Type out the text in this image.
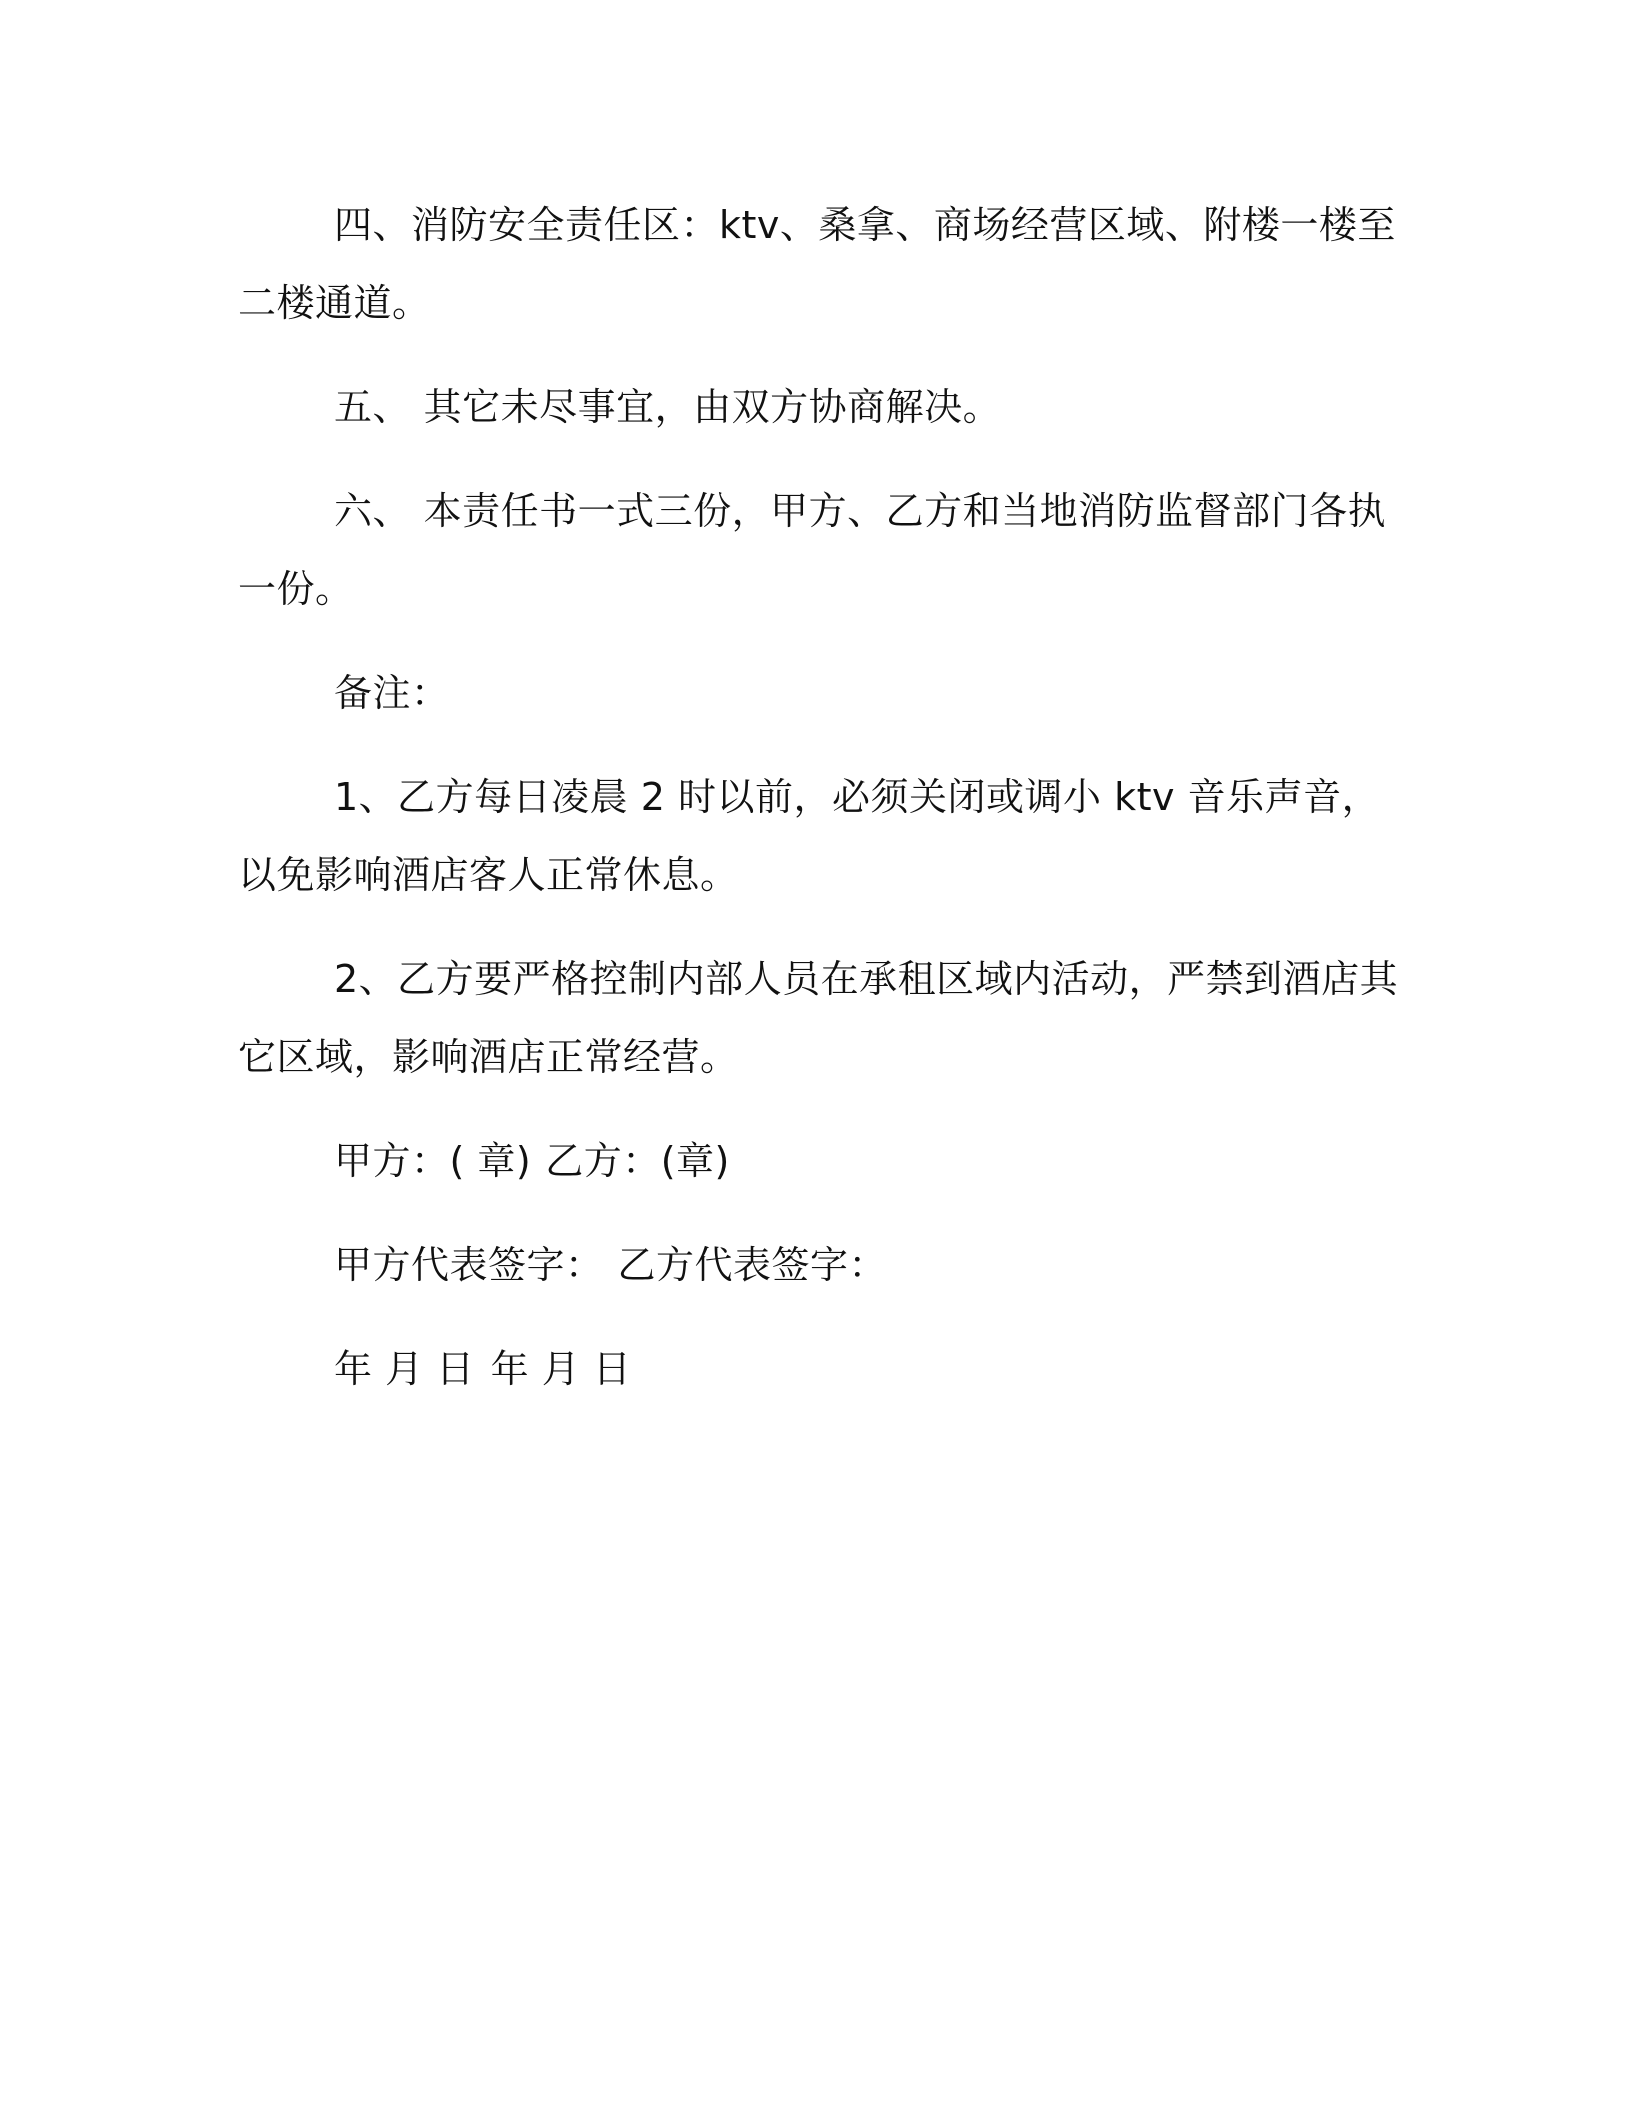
四、消防安全责任区：ktv、桑拿、商场经营区域、附楼一楼至二楼通道。

五、 其它未尽事宜，由双方协商解决。

六、 本责任书一式三份，甲方、乙方和当地消防监督部门各执一份。

备注：

1、乙方每日凌晨 2 时以前，必须关闭或调小 ktv 音乐声音，以免影响酒店客人正常休息。

2、乙方要严格控制内部人员在承租区域内活动，严禁到酒店其它区域，影响酒店正常经营。

甲方：( 章) 乙方：(章)
甲方代表签字： 乙方代表签字：
年 月 日 年 月 日
